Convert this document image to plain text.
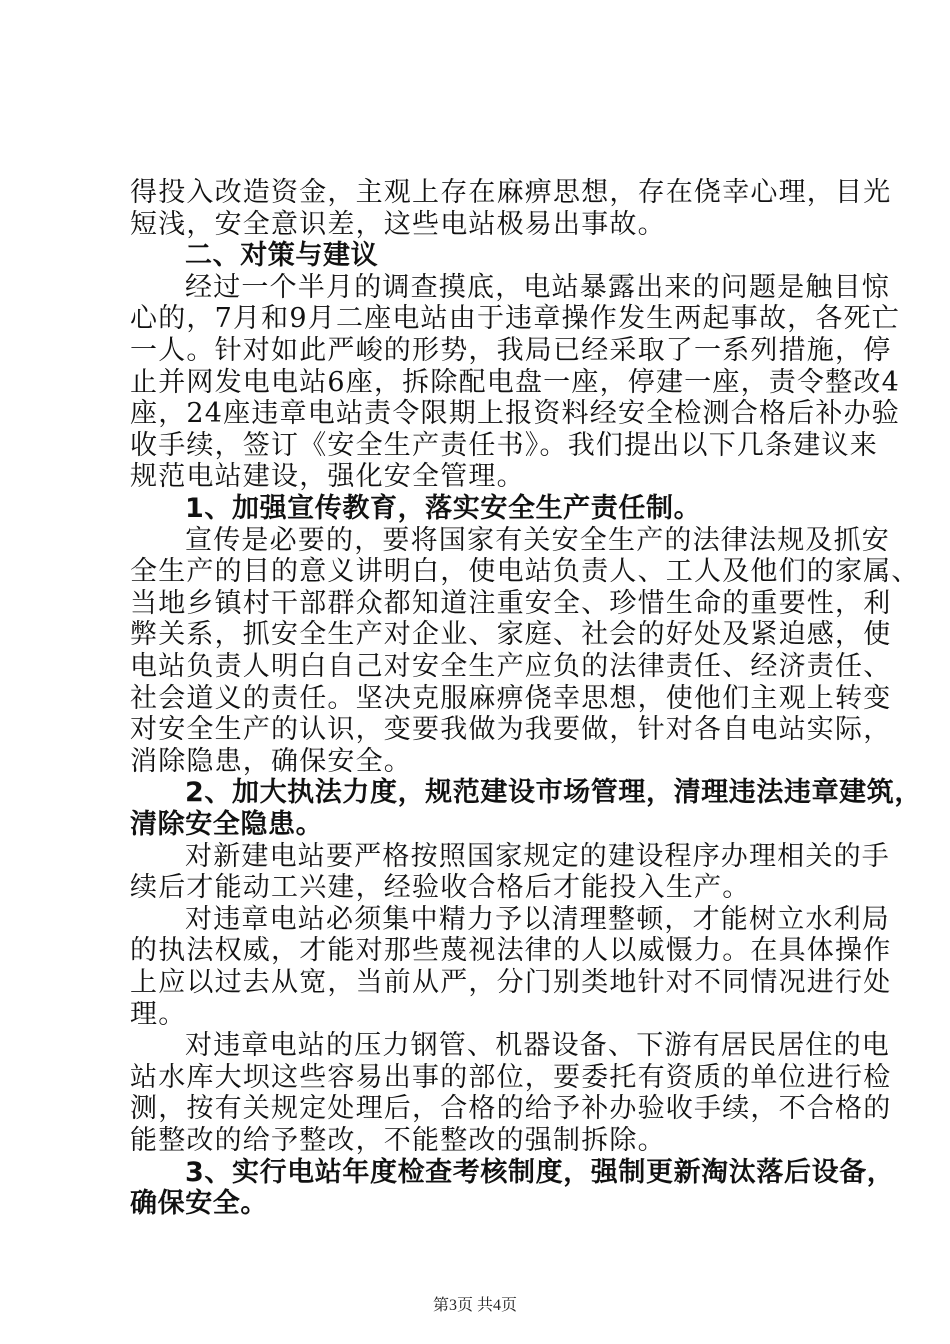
得投入改造资金，主观上存在麻痹思想，存在侥幸心理，目光
短浅，安全意识差，这些电站极易出事故。
二、对策与建议
经过一个半月的调查摸底，电站暴露出来的问题是触目惊
心的，7月和9月二座电站由于违章操作发生两起事故，各死亡
一人。针对如此严峻的形势，我局已经采取了一系列措施，停
止并网发电电站6座，拆除配电盘一座，停建一座，责令整改4
座，24座违章电站责令限期上报资料经安全检测合格后补办验
收手续，签订《安全生产责任书》。我们提出以下几条建议来
规范电站建设，强化安全管理。
1、加强宣传教育，落实安全生产责任制。
宣传是必要的，要将国家有关安全生产的法律法规及抓安
全生产的目的意义讲明白，使电站负责人、工人及他们的家属、
当地乡镇村干部群众都知道注重安全、珍惜生命的重要性，利
弊关系，抓安全生产对企业、家庭、社会的好处及紧迫感，使
电站负责人明白自己对安全生产应负的法律责任、经济责任、
社会道义的责任。坚决克服麻痹侥幸思想，使他们主观上转变
对安全生产的认识，变要我做为我要做，针对各自电站实际，
消除隐患，确保安全。
2、加大执法力度，规范建设市场管理，清理违法违章建筑，
清除安全隐患。
对新建电站要严格按照国家规定的建设程序办理相关的手
续后才能动工兴建，经验收合格后才能投入生产。
对违章电站必须集中精力予以清理整顿，才能树立水利局
的执法权威，才能对那些蔑视法律的人以威慑力。在具体操作
上应以过去从宽，当前从严，分门别类地针对不同情况进行处
理。
对违章电站的压力钢管、机器设备、下游有居民居住的电
站水库大坝这些容易出事的部位，要委托有资质的单位进行检
测，按有关规定处理后，合格的给予补办验收手续，不合格的
能整改的给予整改，不能整改的强制拆除。
3、实行电站年度检查考核制度，强制更新淘汰落后设备，
确保安全。
第3页 共4页
